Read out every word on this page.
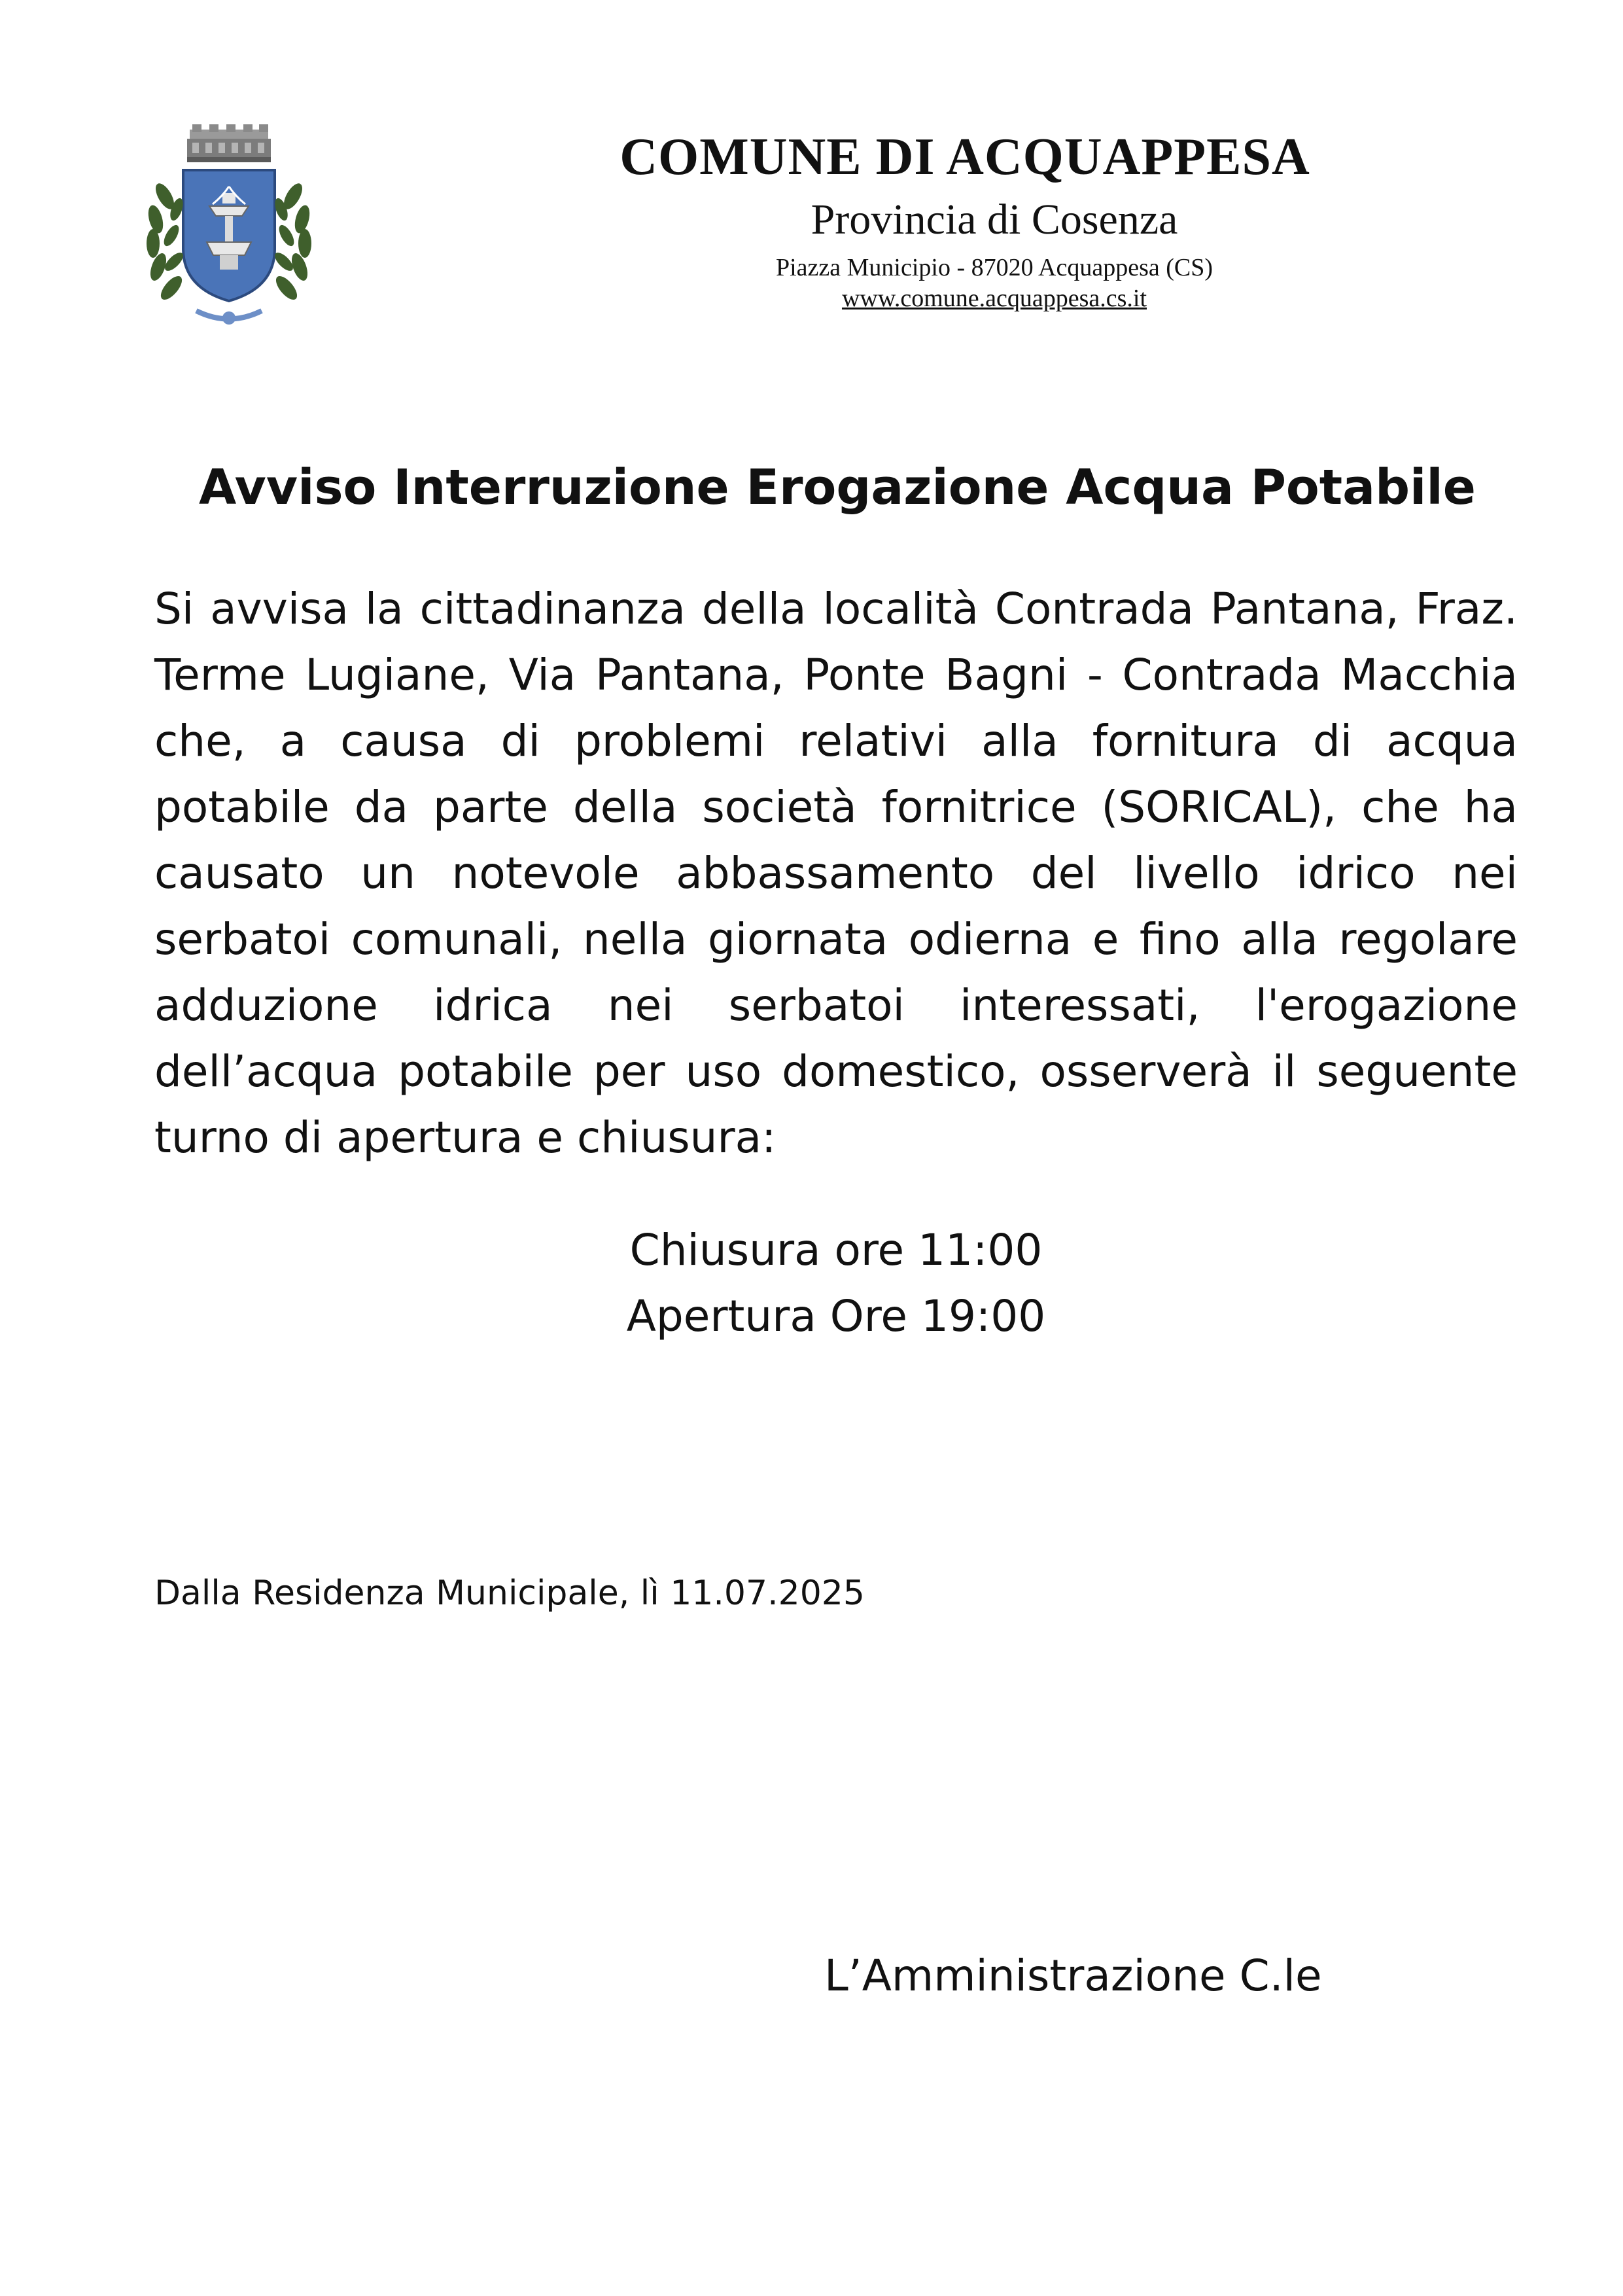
COMUNE DI ACQUAPPESA
Provincia di Cosenza
Piazza Municipio - 87020 Acquappesa (CS)
www.comune.acquappesa.cs.it
Avviso Interruzione Erogazione Acqua Potabile

Si avvisa la cittadinanza della località Contrada Pantana, Fraz. Terme Lugiane, Via Pantana, Ponte Bagni - Contrada Macchia che, a causa di problemi relativi alla fornitura di acqua potabile da parte della società fornitrice (SORICAL), che ha causato un notevole abbassamento del livello idrico nei serbatoi comunali, nella giornata odierna e fino alla regolare adduzione idrica nei serbatoi interessati, l'erogazione dell’acqua potabile per uso domestico, osserverà il seguente turno di apertura e chiusura:

Chiusura ore 11:00
Apertura Ore 19:00
Dalla Residenza Municipale, lì 11.07.2025
L’Amministrazione C.le
